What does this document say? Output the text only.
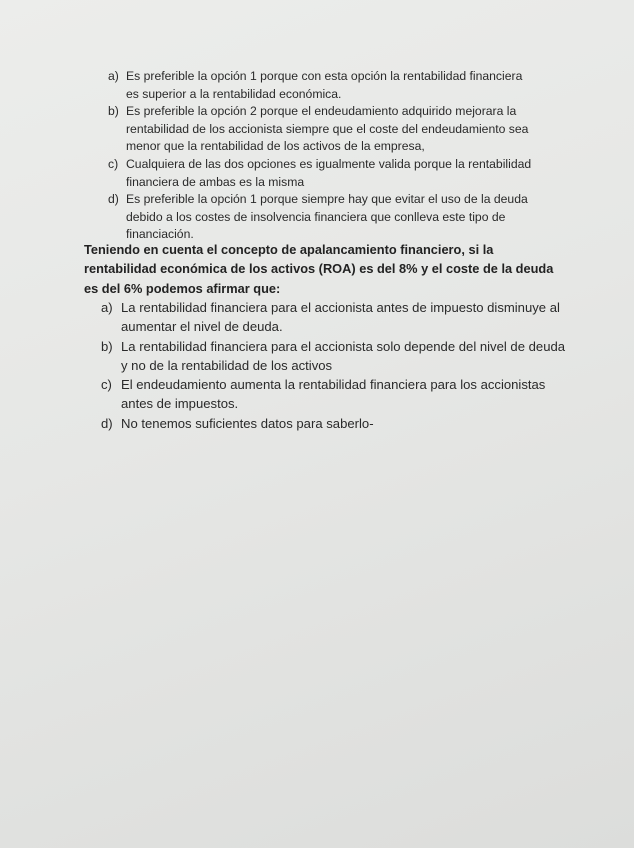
a) Es preferible la opción 1 porque con esta opción la rentabilidad financiera es superior a la rentabilidad económica.
b) Es preferible la opción 2 porque el endeudamiento adquirido mejorara la rentabilidad de los accionista siempre que el coste del endeudamiento sea menor que la rentabilidad de los activos de la empresa,
c) Cualquiera de las dos opciones es igualmente valida porque la rentabilidad financiera de ambas es la misma
d) Es preferible la opción 1 porque siempre hay que evitar el uso de la deuda debido a los costes de insolvencia financiera que conlleva este tipo de financiación.

Teniendo en cuenta el concepto de apalancamiento financiero, si la rentabilidad económica de los activos (ROA) es del 8% y el coste de la deuda es del 6% podemos afirmar que:

a) La rentabilidad financiera para el accionista antes de impuesto disminuye al aumentar el nivel de deuda.
b) La rentabilidad financiera para el accionista solo depende del nivel de deuda y no de la rentabilidad de los activos
c) El endeudamiento aumenta la rentabilidad financiera para los accionistas antes de impuestos.
d) No tenemos suficientes datos para saberlo-
